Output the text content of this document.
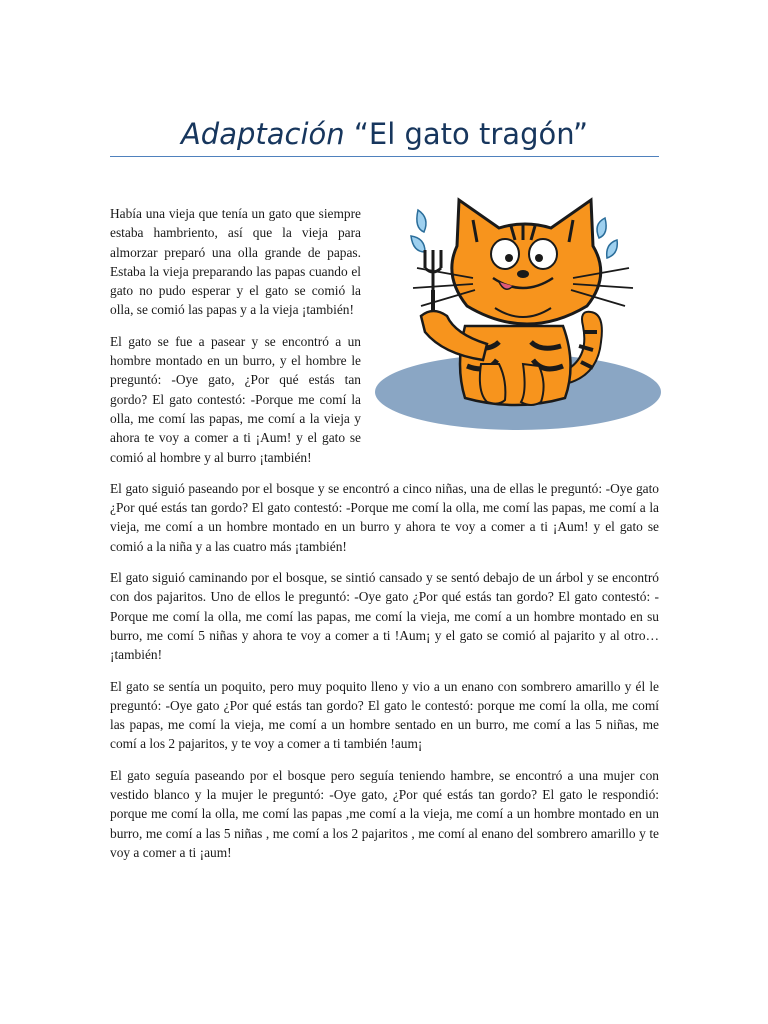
Adaptación “El gato tragón”

Había una vieja que tenía un gato que siempre estaba hambriento, así que la vieja para almorzar preparó una olla grande de papas. Estaba la vieja preparando las papas cuando el gato no pudo esperar y el gato se comió la olla, se comió las papas y a la vieja ¡también!

El gato se fue a pasear y se encontró a un hombre montado en un burro, y el hombre le preguntó: -Oye gato, ¿Por qué estás tan gordo? El gato contestó: -Porque me comí la olla, me comí las papas, me comí a la vieja y ahora te voy a comer a ti ¡Aum! y el gato se comió al hombre y al burro ¡también!

El gato siguió paseando por el bosque y se encontró a cinco niñas, una de ellas le preguntó: -Oye gato ¿Por qué estás tan gordo? El gato contestó: -Porque me comí la olla, me comí las papas, me comí a la vieja, me comí a un hombre montado en un burro y ahora te voy a comer a ti ¡Aum! y el gato se comió a la niña y a las cuatro más ¡también!

El gato siguió caminando por el bosque, se sintió cansado y se sentó debajo de un árbol y se encontró con dos pajaritos. Uno de ellos le preguntó: -Oye gato ¿Por qué estás tan gordo? El gato contestó: -Porque me comí la olla, me comí las papas, me comí la vieja, me comí a un hombre montado en su burro, me comí 5 niñas y ahora te voy a comer a ti !Aum¡ y el gato se comió al pajarito y al otro… ¡también!

El gato se sentía un poquito, pero muy poquito lleno y vio a un enano con sombrero amarillo y él le preguntó: -Oye gato ¿Por qué estás tan gordo? El gato le contestó: porque me comí la olla, me comí las papas, me comí la vieja, me comí a un hombre sentado en un burro, me comí a las 5 niñas, me comí a los 2 pajaritos, y te voy a comer a ti también !aum¡

El gato seguía paseando por el bosque pero seguía teniendo hambre, se encontró a una mujer con vestido blanco y la mujer le preguntó: -Oye gato, ¿Por qué estás tan gordo? El gato le respondió: porque me comí la olla, me comí las papas ,me comí a la vieja, me comí a un hombre montado en un burro, me comí a las 5 niñas , me comí a los 2 pajaritos , me comí al enano del sombrero amarillo y te voy a comer a ti ¡aum!
